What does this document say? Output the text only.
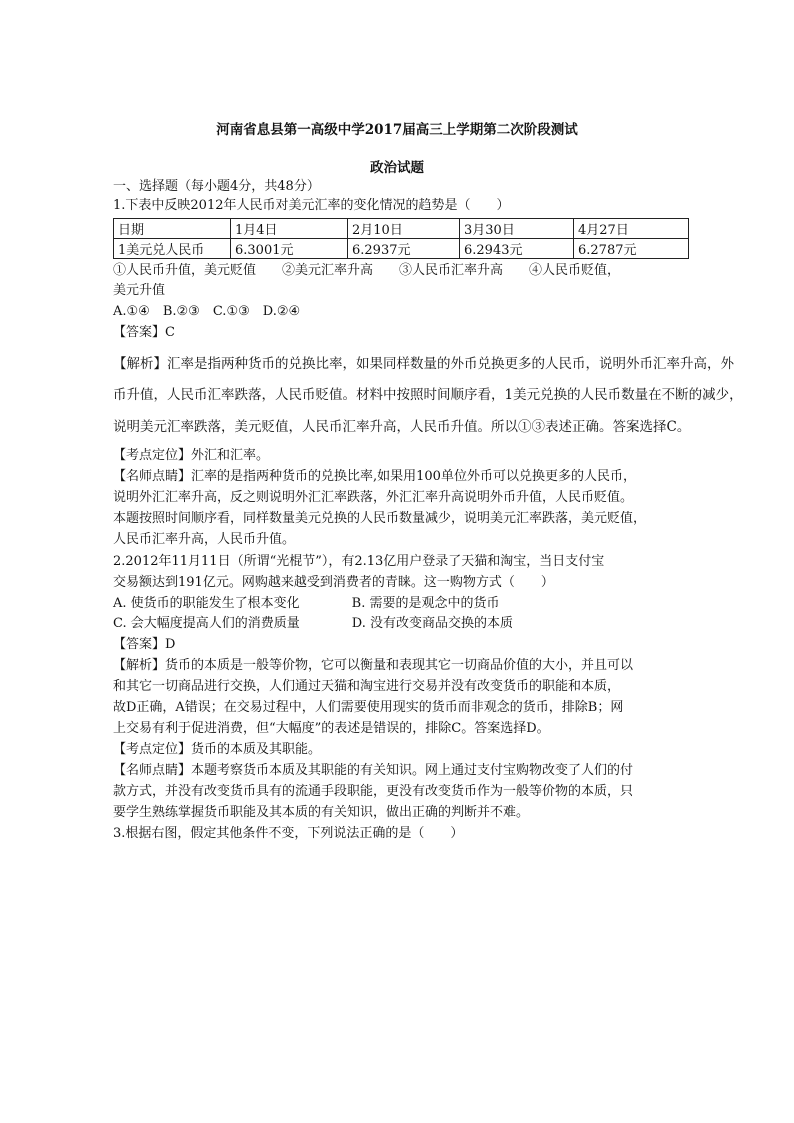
河南省息县第一高级中学2017届高三上学期第二次阶段测试
政治试题
一、选择题（每小题4分，共48分）
1.下表中反映2012年人民币对美元汇率的变化情况的趋势是（　　）
日期	1月4日	2月10日	3月30日	4月27日
1美元兑人民币	6.3001元	6.2937元	6.2943元	6.2787元
①人民币升值，美元贬值　　②美元汇率升高　　③人民币汇率升高　　④人民币贬值，
美元升值
A.①④　B.②③　C.①③　D.②④
【答案】C
【解析】汇率是指两种货币的兑换比率，如果同样数量的外币兑换更多的人民币，说明外币汇率升高，外
币升值，人民币汇率跌落，人民币贬值。材料中按照时间顺序看，1美元兑换的人民币数量在不断的减少，
说明美元汇率跌落，美元贬值，人民币汇率升高，人民币升值。所以①③表述正确。答案选择C。
【考点定位】外汇和汇率。
【名师点睛】汇率的是指两种货币的兑换比率,如果用100单位外币可以兑换更多的人民币，
说明外汇汇率升高，反之则说明外汇汇率跌落，外汇汇率升高说明外币升值，人民币贬值。
本题按照时间顺序看，同样数量美元兑换的人民币数量减少，说明美元汇率跌落，美元贬值，
人民币汇率升高，人民币升值。
2.2012年11月11日（所谓“光棍节”），有2.13亿用户登录了天猫和淘宝，当日支付宝
交易额达到191亿元。网购越来越受到消费者的青睐。这一购物方式（　　）
A. 使货币的职能发生了根本变化　　　　B. 需要的是观念中的货币
C. 会大幅度提高人们的消费质量　　　　D. 没有改变商品交换的本质
【答案】D
【解析】货币的本质是一般等价物，它可以衡量和表现其它一切商品价值的大小，并且可以
和其它一切商品进行交换，人们通过天猫和淘宝进行交易并没有改变货币的职能和本质，
故D正确，A错误；在交易过程中，人们需要使用现实的货币而非观念的货币，排除B；网
上交易有利于促进消费，但“大幅度”的表述是错误的，排除C。答案选择D。
【考点定位】货币的本质及其职能。
【名师点睛】本题考察货币本质及其职能的有关知识。网上通过支付宝购物改变了人们的付
款方式，并没有改变货币具有的流通手段职能，更没有改变货币作为一般等价物的本质，只
要学生熟练掌握货币职能及其本质的有关知识，做出正确的判断并不难。
3.根据右图，假定其他条件不变，下列说法正确的是（　　）
